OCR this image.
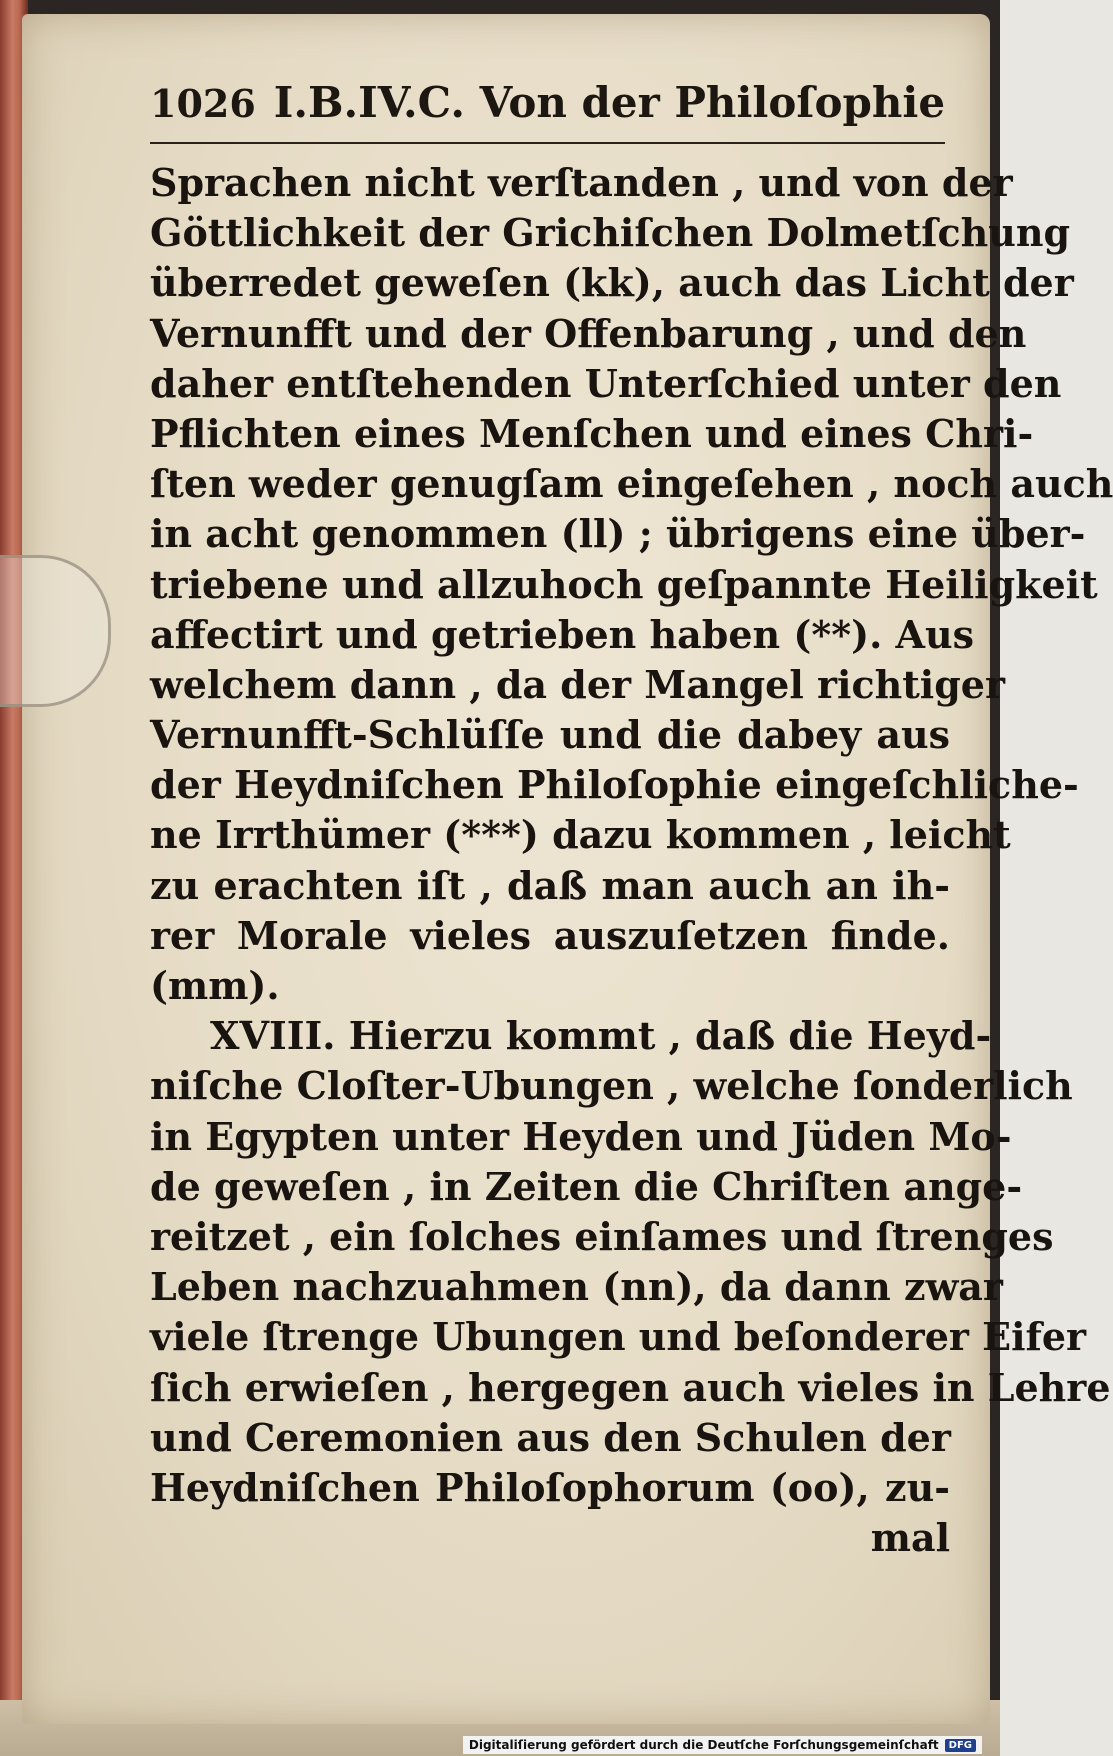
1026 I.B.IV.C. Von der Philoſophie
Sprachen nicht verſtanden , und von der
Göttlichkeit der Grichiſchen Dolmetſchung
überredet geweſen (kk), auch das Licht der
Vernunfft und der Offenbarung , und den
daher entſtehenden Unterſchied unter den
Pflichten eines Menſchen und eines Chri-
ſten weder genugſam eingeſehen , noch auch
in acht genommen (ll) ; übrigens eine über-
triebene und allzuhoch geſpannte Heiligkeit
affectirt und getrieben haben (**). Aus
welchem dann , da der Mangel richtiger
Vernunfft-Schlüſſe und die dabey aus
der Heydniſchen Philoſophie eingeſchliche-
ne Irrthümer (***) dazu kommen , leicht
zu erachten iſt , daß man auch an ih-
rer Morale vieles auszuſetzen finde.
(mm).
XVIII. Hierzu kommt , daß die Heyd-
niſche Cloſter-Ubungen , welche ſonderlich
in Egypten unter Heyden und Jüden Mo-
de geweſen , in Zeiten die Chriſten ange-
reitzet , ein ſolches einſames und ſtrenges
Leben nachzuahmen (nn), da dann zwar
viele ſtrenge Ubungen und beſonderer Eifer
ſich erwieſen , hergegen auch vieles in Lehre
und Ceremonien aus den Schulen der
Heydniſchen Philoſophorum (oo), zu-
mal
Digitaliſierung gefördert durch die Deutſche Forſchungsgemeinſchaft	DFG
